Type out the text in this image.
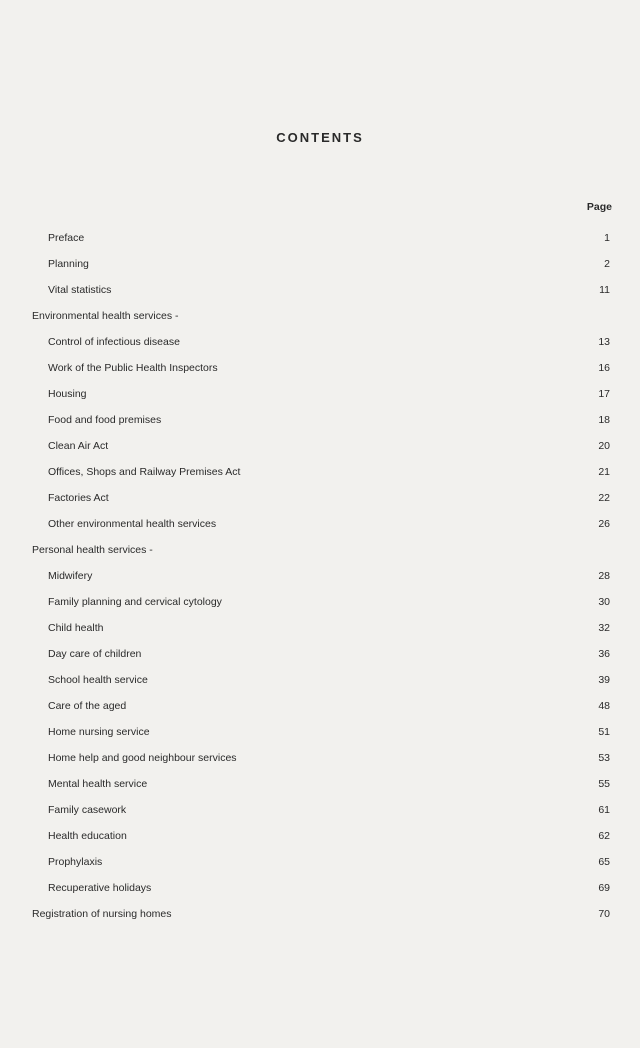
CONTENTS
Page
Preface	1
Planning	2
Vital statistics	11
Environmental health services -
Control of infectious disease	13
Work of the Public Health Inspectors	16
Housing	17
Food and food premises	18
Clean Air Act	20
Offices, Shops and Railway Premises Act	21
Factories Act	22
Other environmental health services	26
Personal health services -
Midwifery	28
Family planning and cervical cytology	30
Child health	32
Day care of children	36
School health service	39
Care of the aged	48
Home nursing service	51
Home help and good neighbour services	53
Mental health service	55
Family casework	61
Health education	62
Prophylaxis	65
Recuperative holidays	69
Registration of nursing homes	70
